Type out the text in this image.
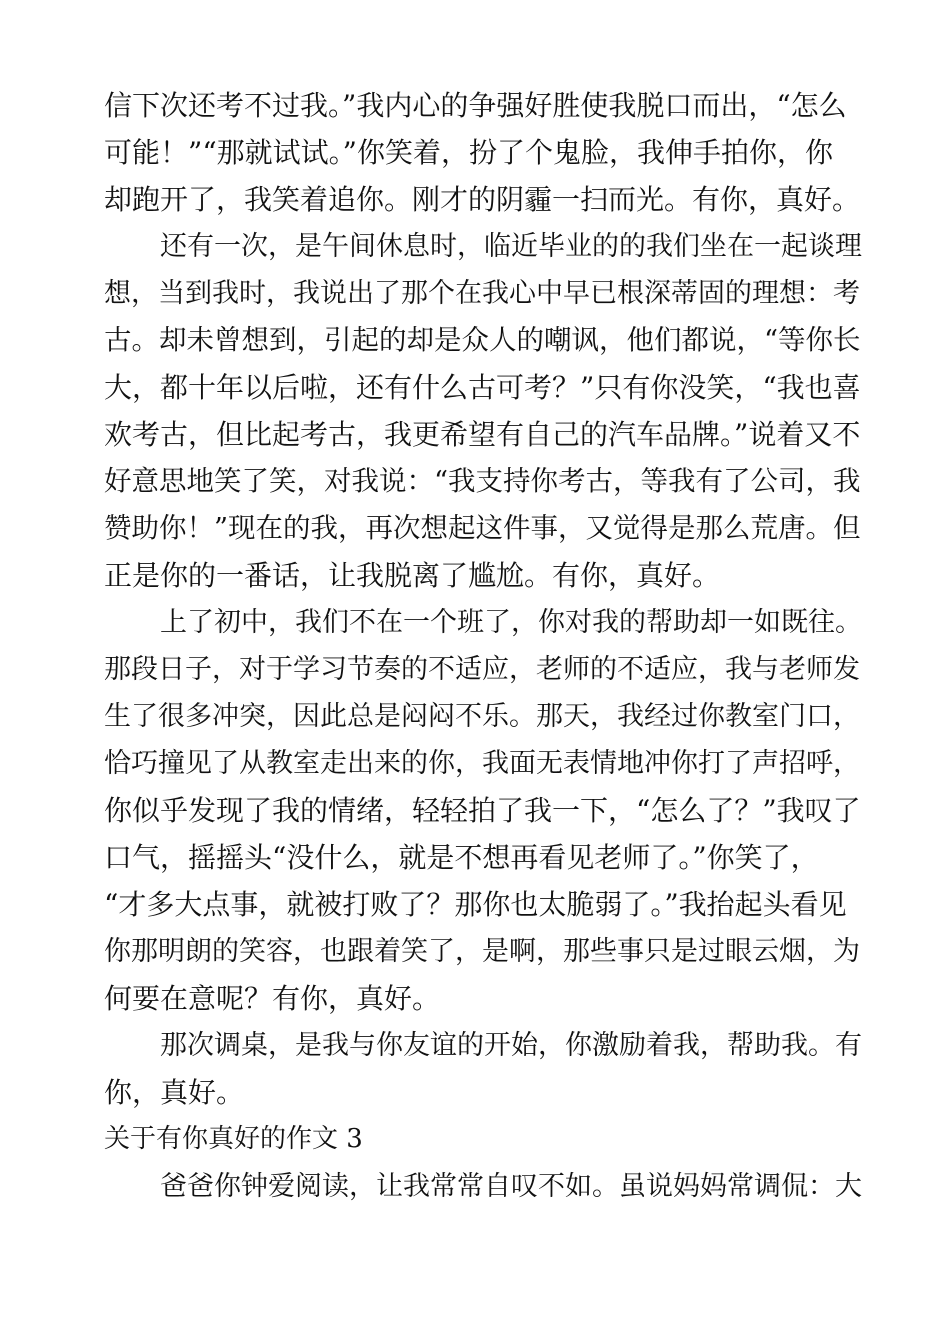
信下次还考不过我。”我内心的争强好胜使我脱口而出，“怎么
可能！”“那就试试。”你笑着，扮了个鬼脸，我伸手拍你，你
却跑开了，我笑着追你。刚才的阴霾一扫而光。有你，真好。
还有一次，是午间休息时，临近毕业的的我们坐在一起谈理
想，当到我时，我说出了那个在我心中早已根深蒂固的理想：考
古。却未曾想到，引起的却是众人的嘲讽，他们都说，“等你长
大，都十年以后啦，还有什么古可考？”只有你没笑，“我也喜
欢考古，但比起考古，我更希望有自己的汽车品牌。”说着又不
好意思地笑了笑，对我说：“我支持你考古，等我有了公司，我
赞助你！”现在的我，再次想起这件事，又觉得是那么荒唐。但
正是你的一番话，让我脱离了尴尬。有你，真好。
上了初中，我们不在一个班了，你对我的帮助却一如既往。
那段日子，对于学习节奏的不适应，老师的不适应，我与老师发
生了很多冲突，因此总是闷闷不乐。那天，我经过你教室门口，
恰巧撞见了从教室走出来的你，我面无表情地冲你打了声招呼，
你似乎发现了我的情绪，轻轻拍了我一下，“怎么了？”我叹了
口气，摇摇头“没什么，就是不想再看见老师了。”你笑了，
“才多大点事，就被打败了？那你也太脆弱了。”我抬起头看见
你那明朗的笑容，也跟着笑了，是啊，那些事只是过眼云烟，为
何要在意呢？有你，真好。
那次调桌，是我与你友谊的开始，你激励着我，帮助我。有
你，真好。
关于有你真好的作文 3
爸爸你钟爱阅读，让我常常自叹不如。虽说妈妈常调侃：大
